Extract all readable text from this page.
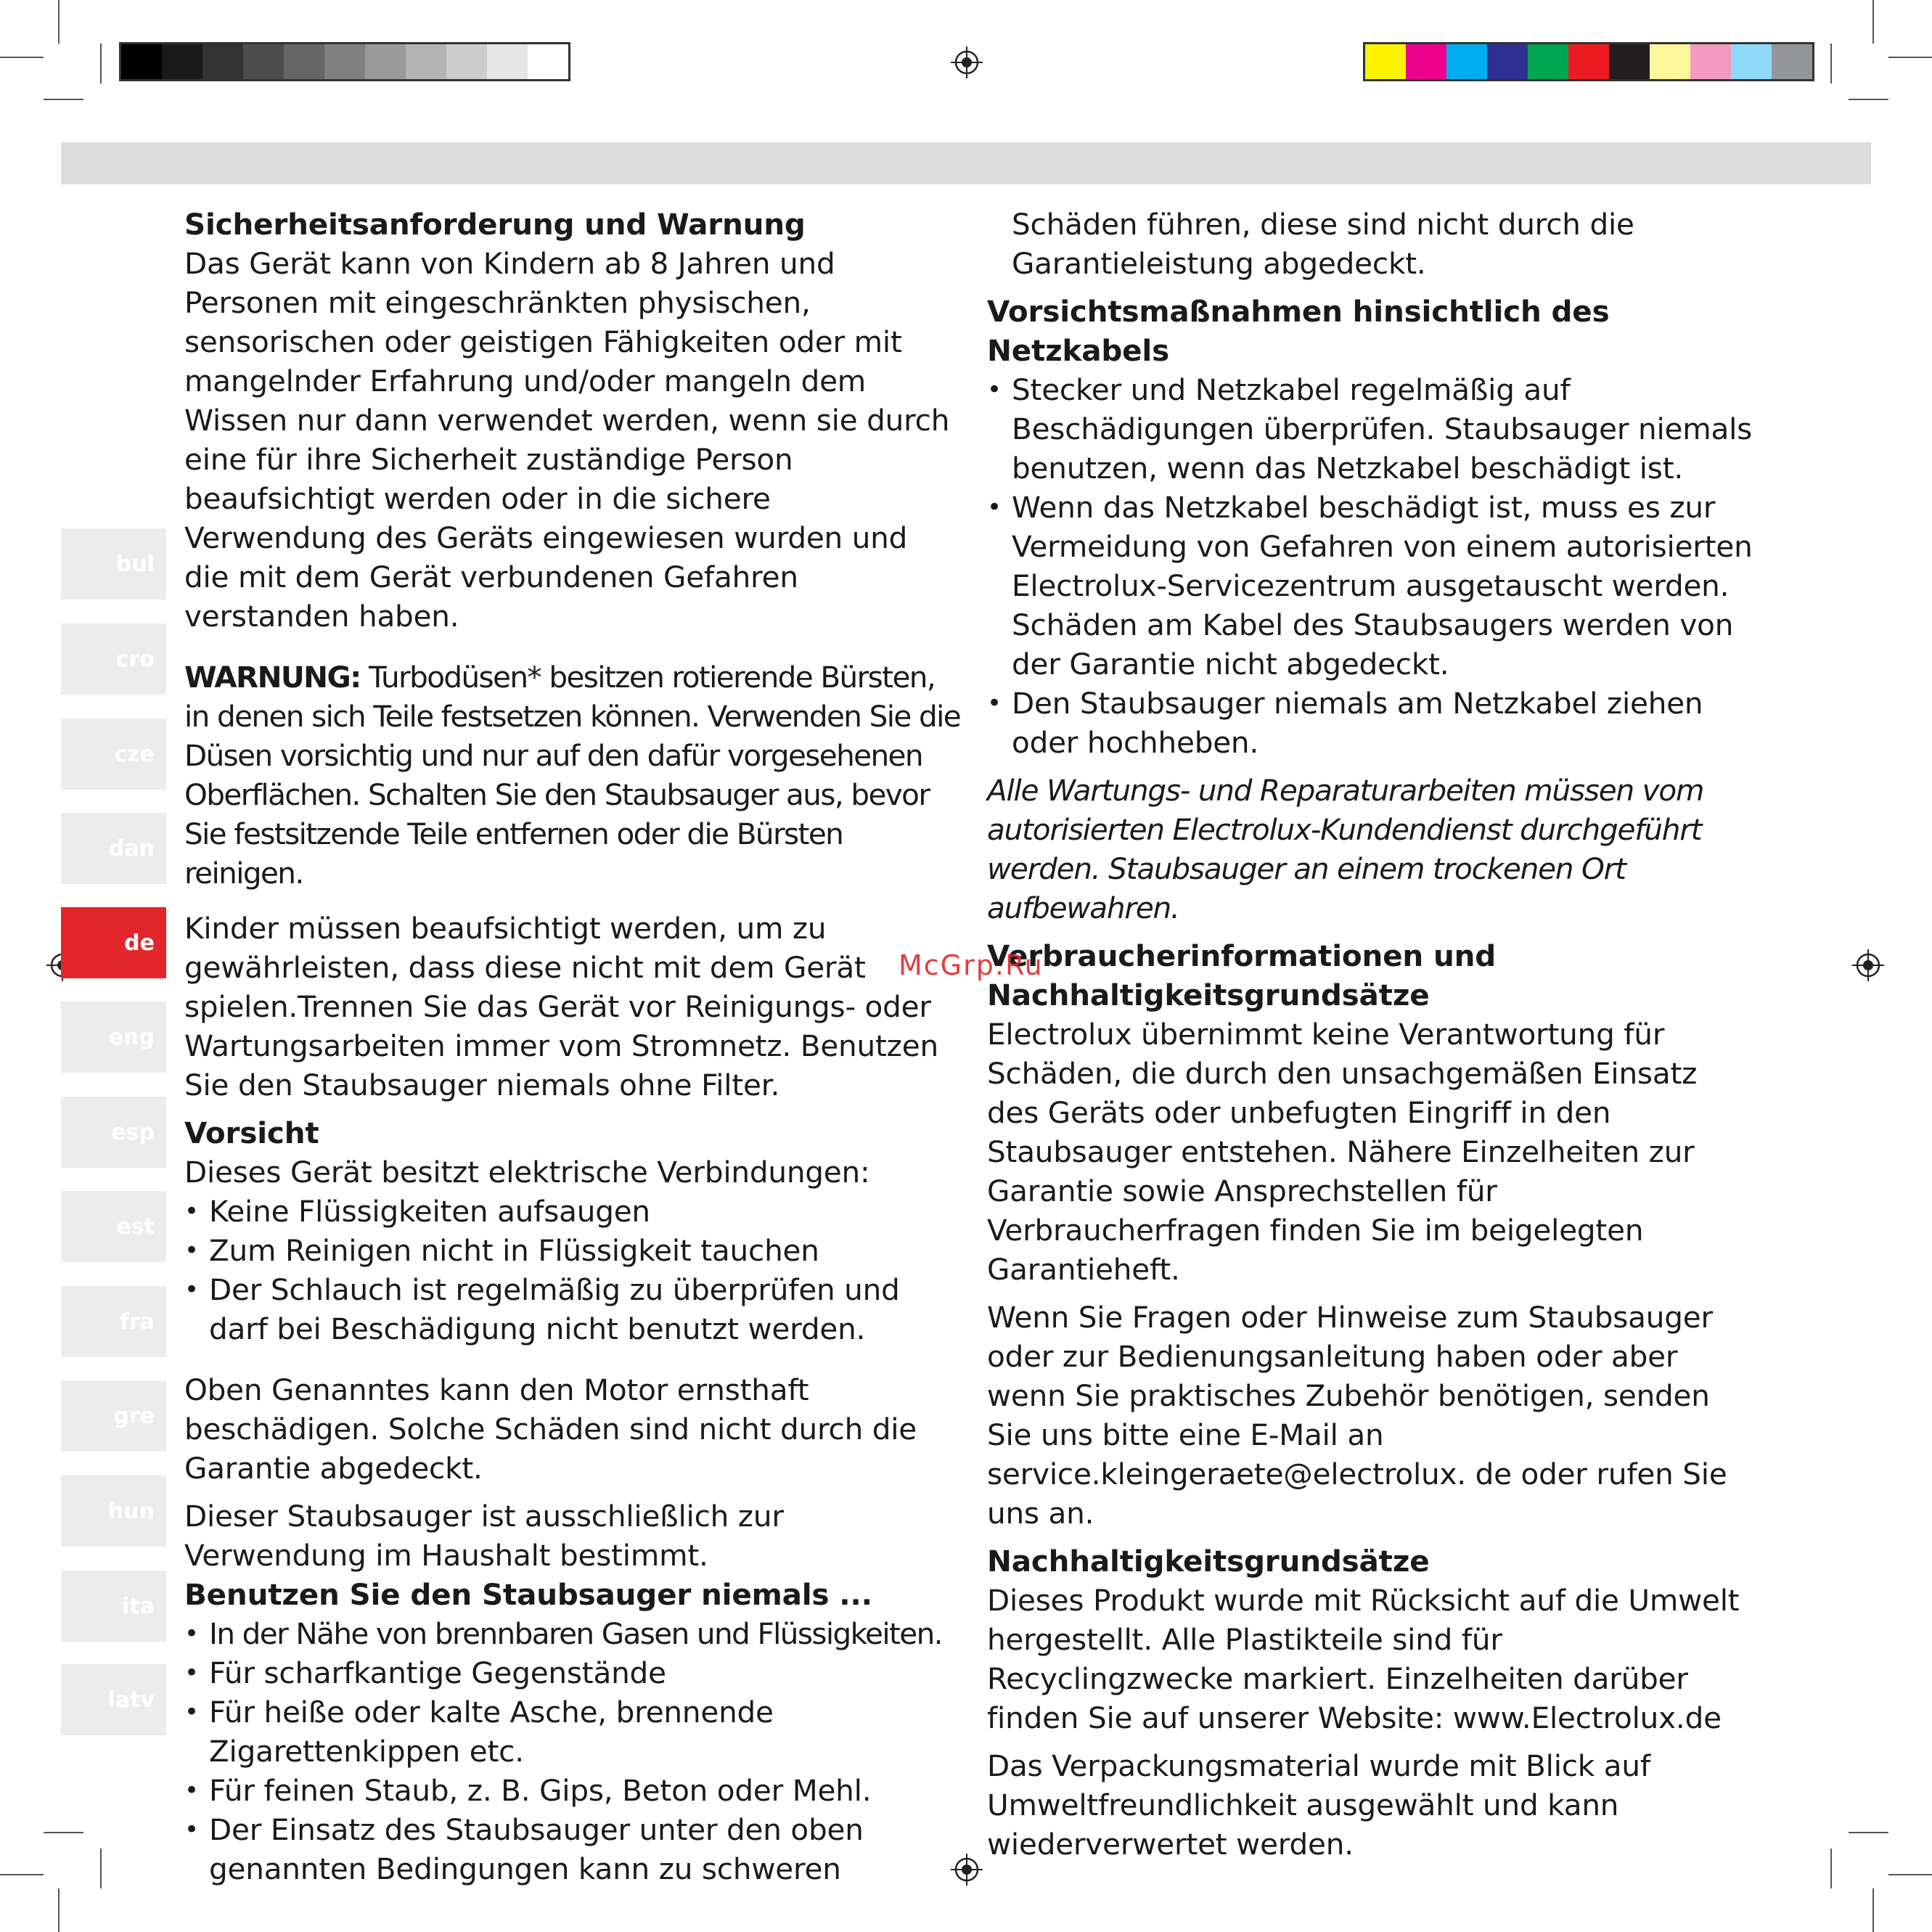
bul
cro
cze
dan
de
eng
esp
est
fra
gre
hun
ita
latv

Sicherheitsanforderung und Warnung

Das Gerät kann von Kindern ab 8 Jahren und Personen mit eingeschränkten physischen, sensorischen oder geistigen Fähigkeiten oder mit mangelnder Erfahrung und/oder mangeln dem Wissen nur dann verwendet werden, wenn sie durch eine für ihre Sicherheit zuständige Person beaufsichtigt werden oder in die sichere Verwendung des Geräts eingewiesen wurden und die mit dem Gerät verbundenen Gefahren verstanden haben.

WARNUNG: Turbodüsen* besitzen rotierende Bürsten, in denen sich Teile festsetzen können. Verwenden Sie die Düsen vorsichtig und nur auf den dafür vorgesehenen Oberflächen. Schalten Sie den Staubsauger aus, bevor Sie festsitzende Teile entfernen oder die Bürsten reinigen.

Kinder müssen beaufsichtigt werden, um zu gewährleisten, dass diese nicht mit dem Gerät spielen.Trennen Sie das Gerät vor Reinigungs- oder Wartungsarbeiten immer vom Stromnetz. Benutzen Sie den Staubsauger niemals ohne Filter.

Vorsicht

Dieses Gerät besitzt elektrische Verbindungen:

• Keine Flüssigkeiten aufsaugen
• Zum Reinigen nicht in Flüssigkeit tauchen
• Der Schlauch ist regelmäßig zu überprüfen und darf bei Beschädigung nicht benutzt werden.

Oben Genanntes kann den Motor ernsthaft beschädigen. Solche Schäden sind nicht durch die Garantie abgedeckt.

Dieser Staubsauger ist ausschließlich zur Verwendung im Haushalt bestimmt.

Benutzen Sie den Staubsauger niemals ...

• In der Nähe von brennbaren Gasen und Flüssigkeiten.
• Für scharfkantige Gegenstände
• Für heiße oder kalte Asche, brennende Zigarettenkippen etc.
• Für feinen Staub, z. B. Gips, Beton oder Mehl.
• Der Einsatz des Staubsauger unter den oben genannten Bedingungen kann zu schweren

Schäden führen, diese sind nicht durch die Garantieleistung abgedeckt.

Vorsichtsmaßnahmen hinsichtlich des Netzkabels

• Stecker und Netzkabel regelmäßig auf Beschädigungen überprüfen. Staubsauger niemals benutzen, wenn das Netzkabel beschädigt ist.
• Wenn das Netzkabel beschädigt ist, muss es zur Vermeidung von Gefahren von einem autorisierten Electrolux-Servicezentrum ausgetauscht werden. Schäden am Kabel des Staubsaugers werden von der Garantie nicht abgedeckt.
• Den Staubsauger niemals am Netzkabel ziehen oder hochheben.

Alle Wartungs- und Reparaturarbeiten müssen vom autorisierten Electrolux-Kundendienst durchgeführt werden. Staubsauger an einem trockenen Ort aufbewahren.

Verbraucherinformationen und Nachhaltigkeitsgrundsätze

Electrolux übernimmt keine Verantwortung für Schäden, die durch den unsachgemäßen Einsatz des Geräts oder unbefugten Eingriff in den Staubsauger entstehen. Nähere Einzelheiten zur Garantie sowie Ansprechstellen für Verbraucherfragen finden Sie im beigelegten Garantieheft.

Wenn Sie Fragen oder Hinweise zum Staubsauger oder zur Bedienungsanleitung haben oder aber wenn Sie praktisches Zubehör benötigen, senden Sie uns bitte eine E-Mail an service.kleingeraete@electrolux. de oder rufen Sie uns an.

Nachhaltigkeitsgrundsätze

Dieses Produkt wurde mit Rücksicht auf die Umwelt hergestellt. Alle Plastikteile sind für Recyclingzwecke markiert. Einzelheiten darüber finden Sie auf unserer Website: www.Electrolux.de

Das Verpackungsmaterial wurde mit Blick auf Umweltfreundlichkeit ausgewählt und kann wiederverwertet werden.

McGrp.Ru
